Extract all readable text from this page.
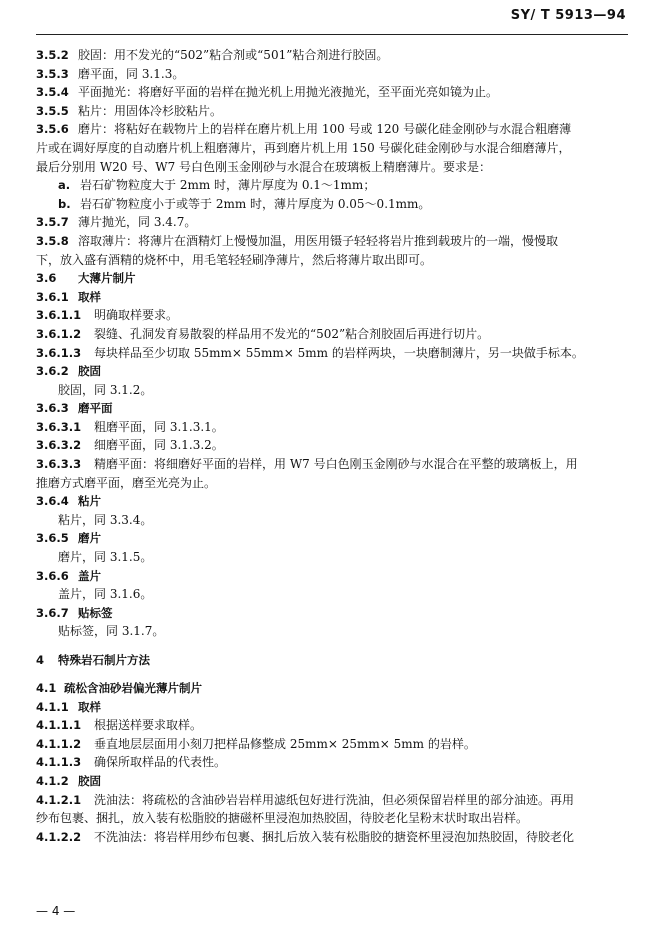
SY/ T 5913—94
3.5.2 胶固：用不发光的“502”粘合剂或“501”粘合剂进行胶固。
3.5.3 磨平面，同 3.1.3。
3.5.4 平面抛光：将磨好平面的岩样在抛光机上用抛光液抛光，至平面光亮如镜为止。
3.5.5 粘片：用固体冷杉胶粘片。
3.5.6 磨片：将粘好在载物片上的岩样在磨片机上用 100 号或 120 号碳化硅金刚砂与水混合粗磨薄
片或在调好厚度的自动磨片机上粗磨薄片，再到磨片机上用 150 号碳化硅金刚砂与水混合细磨薄片，
最后分别用 W20 号、W7 号白色刚玉金刚砂与水混合在玻璃板上精磨薄片。要求是：
a. 岩石矿物粒度大于 2mm 时，薄片厚度为 0.1～1mm；
b. 岩石矿物粒度小于或等于 2mm 时，薄片厚度为 0.05～0.1mm。
3.5.7 薄片抛光，同 3.4.7。
3.5.8 溶取薄片：将薄片在酒精灯上慢慢加温，用医用镊子轻轻将岩片推到载玻片的一端，慢慢取
下，放入盛有酒精的烧杯中，用毛笔轻轻刷净薄片，然后将薄片取出即可。
3.6 大薄片制片
3.6.1 取样
3.6.1.1 明确取样要求。
3.6.1.2 裂缝、孔洞发育易散裂的样品用不发光的“502”粘合剂胶固后再进行切片。
3.6.1.3 每块样品至少切取 55mm× 55mm× 5mm 的岩样两块，一块磨制薄片，另一块做手标本。
3.6.2 胶固
胶固，同 3.1.2。
3.6.3 磨平面
3.6.3.1 粗磨平面，同 3.1.3.1。
3.6.3.2 细磨平面，同 3.1.3.2。
3.6.3.3 精磨平面：将细磨好平面的岩样，用 W7 号白色刚玉金刚砂与水混合在平整的玻璃板上，用
推磨方式磨平面，磨至光亮为止。
3.6.4 粘片
粘片，同 3.3.4。
3.6.5 磨片
磨片，同 3.1.5。
3.6.6 盖片
盖片，同 3.1.6。
3.6.7 贴标签
贴标签，同 3.1.7。
4 特殊岩石制片方法
4.1 疏松含油砂岩偏光薄片制片
4.1.1 取样
4.1.1.1 根据送样要求取样。
4.1.1.2 垂直地层层面用小刻刀把样品修整成 25mm× 25mm× 5mm 的岩样。
4.1.1.3 确保所取样品的代表性。
4.1.2 胶固
4.1.2.1 洗油法：将疏松的含油砂岩岩样用滤纸包好进行洗油，但必须保留岩样里的部分油迹。再用
纱布包裹、捆扎，放入装有松脂胶的搪磁杯里浸泡加热胶固，待胶老化呈粉末状时取出岩样。
4.1.2.2 不洗油法：将岩样用纱布包裹、捆扎后放入装有松脂胶的搪瓷杯里浸泡加热胶固，待胶老化
— 4 —
